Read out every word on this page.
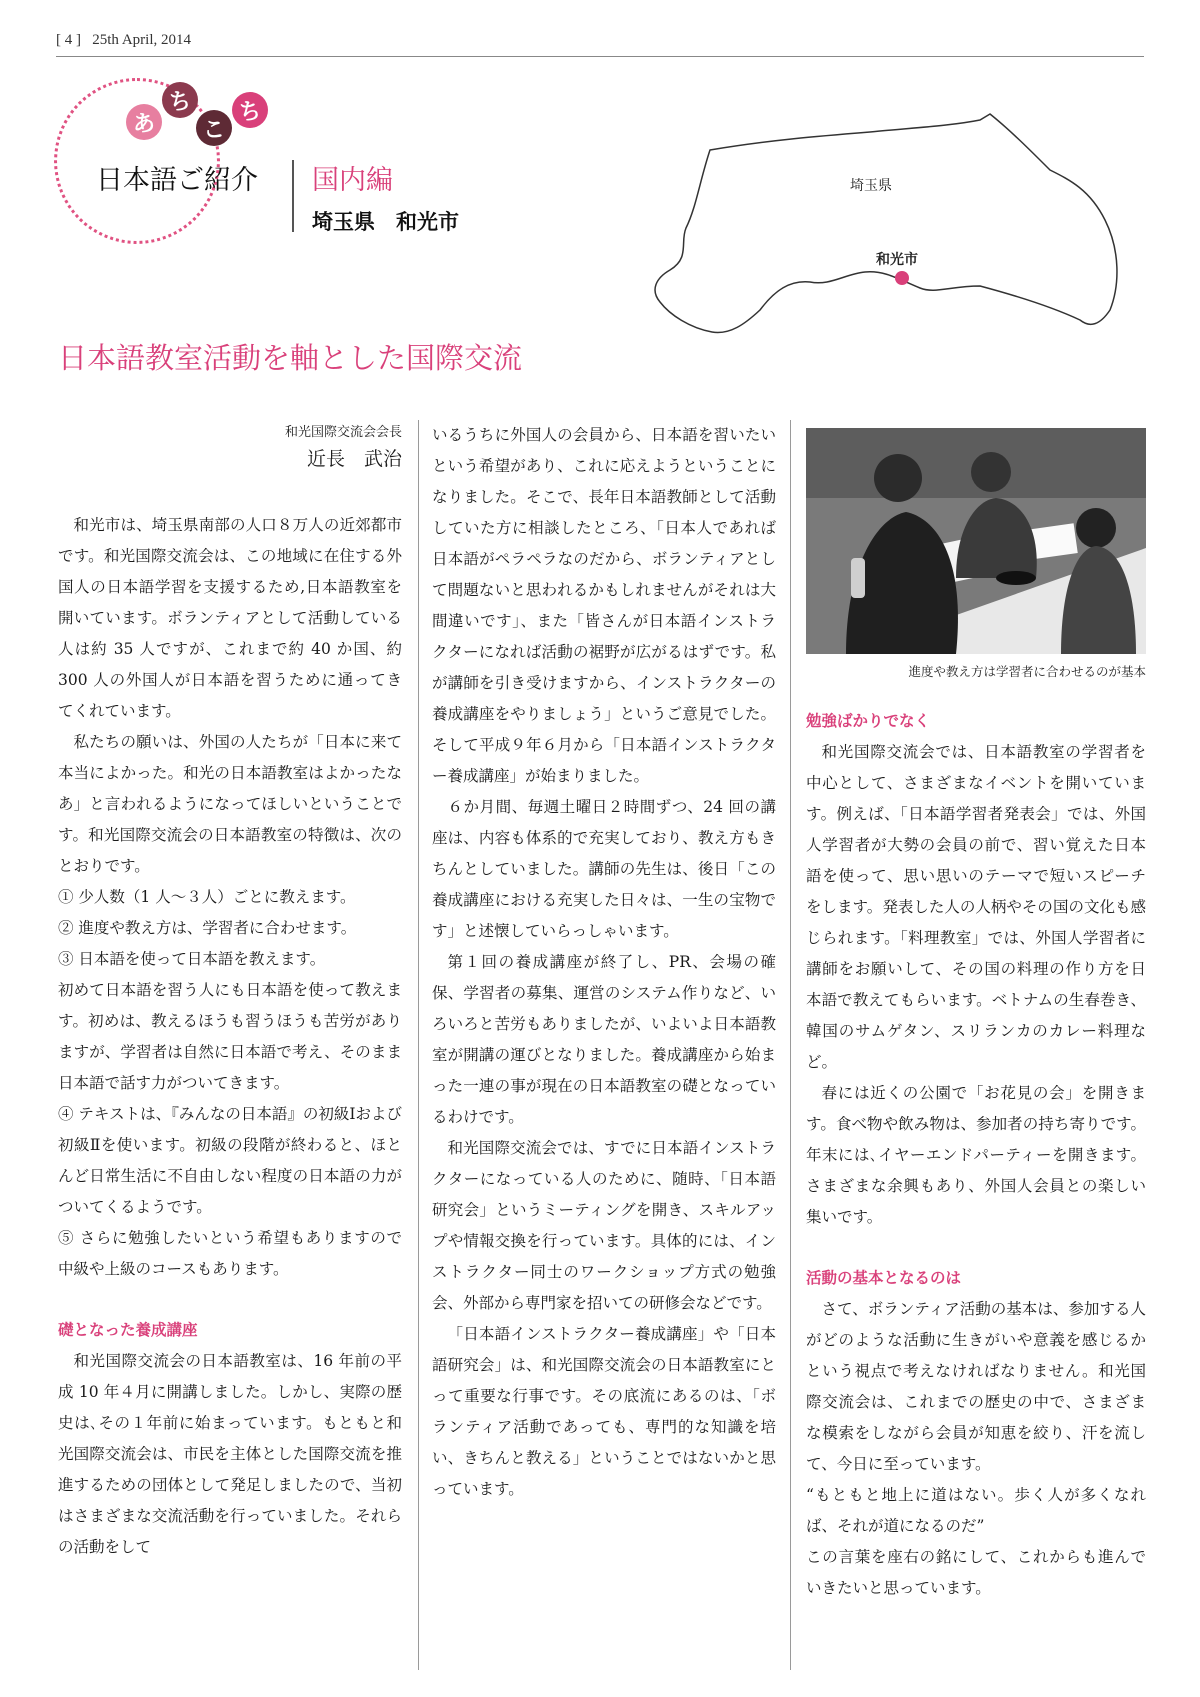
[ 4 ] 25th April, 2014
あ
ち
こ
ち
日本語ご紹介 国内編
埼玉県　和光市
埼玉県
和光市
日本語教室活動を軸とした国際交流
和光国際交流会会長
近長　武治

和光市は、埼玉県南部の人口８万人の近郊都市です。和光国際交流会は、この地域に在住する外国人の日本語学習を支援するため,日本語教室を開いています。ボランティアとして活動している人は約 35 人ですが、これまで約 40 か国、約 300 人の外国人が日本語を習うために通ってきてくれています。

私たちの願いは、外国の人たちが「日本に来て本当によかった。和光の日本語教室はよかったなあ」と言われるようになってほしいということです。和光国際交流会の日本語教室の特徴は、次のとおりです。

① 少人数（1 人〜３人）ごとに教えます。

② 進度や教え方は、学習者に合わせます。

③ 日本語を使って日本語を教えます。

初めて日本語を習う人にも日本語を使って教えます。初めは、教えるほうも習うほうも苦労がありますが、学習者は自然に日本語で考え、そのまま日本語で話す力がついてきます。

④ テキストは、『みんなの日本語』の初級Ⅰおよび初級Ⅱを使います。初級の段階が終わると、ほとんど日常生活に不自由しない程度の日本語の力がついてくるようです。

⑤ さらに勉強したいという希望もありますので中級や上級のコースもあります。

礎となった養成講座

和光国際交流会の日本語教室は、16 年前の平成 10 年４月に開講しました。しかし、実際の歴史は､その１年前に始まっています。もともと和光国際交流会は、市民を主体とした国際交流を推進するための団体として発足しましたので、当初はさまざまな交流活動を行っていました。それらの活動をして

いるうちに外国人の会員から、日本語を習いたいという希望があり、これに応えようということになりました。そこで、長年日本語教師として活動していた方に相談したところ、「日本人であれば日本語がペラペラなのだから、ボランティアとして問題ないと思われるかもしれませんがそれは大間違いです」、また「皆さんが日本語インストラクターになれば活動の裾野が広がるはずです。私が講師を引き受けますから、インストラクターの養成講座をやりましょう」というご意見でした。そして平成９年６月から「日本語インストラクター養成講座」が始まりました。

６か月間、毎週土曜日２時間ずつ、24 回の講座は、内容も体系的で充実しており、教え方もきちんとしていました。講師の先生は、後日「この養成講座における充実した日々は、一生の宝物です」と述懐していらっしゃいます。

第１回の養成講座が終了し、PR、会場の確保、学習者の募集、運営のシステム作りなど、いろいろと苦労もありましたが、いよいよ日本語教室が開講の運びとなりました。養成講座から始まった一連の事が現在の日本語教室の礎となっているわけです。

和光国際交流会では、すでに日本語インストラクターになっている人のために、随時、「日本語研究会」というミーティングを開き、スキルアップや情報交換を行っています。具体的には、インストラクター同士のワークショップ方式の勉強会、外部から専門家を招いての研修会などです。

「日本語インストラクター養成講座」や「日本語研究会」は、和光国際交流会の日本語教室にとって重要な行事です。その底流にあるのは、「ボランティア活動であっても、専門的な知識を培い、きちんと教える」ということではないかと思っています。

進度や教え方は学習者に合わせるのが基本
勉強ばかりでなく

和光国際交流会では、日本語教室の学習者を中心として、さまざまなイベントを開いています。例えば、「日本語学習者発表会」では、外国人学習者が大勢の会員の前で、習い覚えた日本語を使って、思い思いのテーマで短いスピーチをします。発表した人の人柄やその国の文化も感じられます。「料理教室」では、外国人学習者に講師をお願いして、その国の料理の作り方を日本語で教えてもらいます。ベトナムの生春巻き、韓国のサムゲタン、スリランカのカレー料理など。

春には近くの公園で「お花見の会」を開きます。食べ物や飲み物は、参加者の持ち寄りです。年末には､イヤーエンドパーティーを開きます。さまざまな余興もあり、外国人会員との楽しい集いです。

活動の基本となるのは

さて、ボランティア活動の基本は、参加する人がどのような活動に生きがいや意義を感じるかという視点で考えなければなりません。和光国際交流会は、これまでの歴史の中で、さまざまな模索をしながら会員が知恵を絞り、汗を流して、今日に至っています。

“もともと地上に道はない。歩く人が多くなれば、それが道になるのだ”

この言葉を座右の銘にして、これからも進んでいきたいと思っています。
